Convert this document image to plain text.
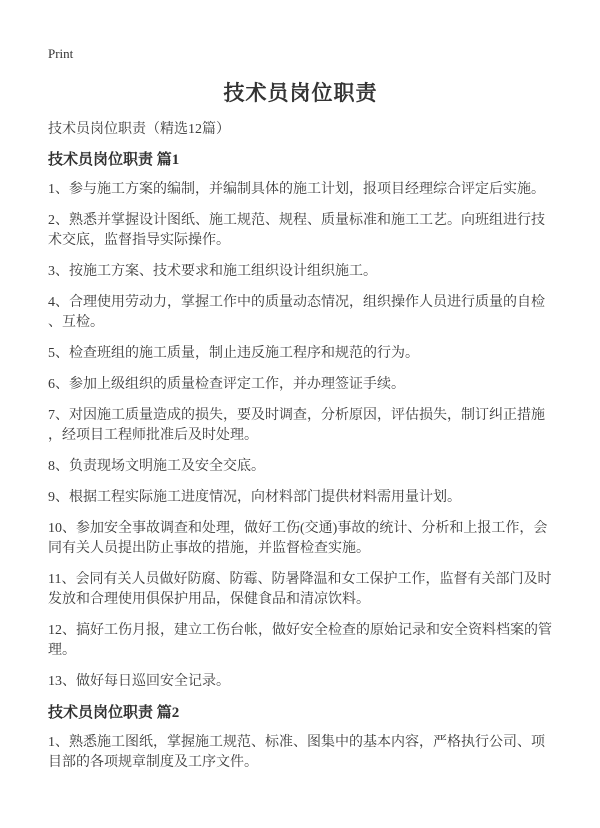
Print

技术员岗位职责

技术员岗位职责（精选12篇）

技术员岗位职责 篇1

1、参与施工方案的编制，并编制具体的施工计划，报项目经理综合评定后实施。

2、熟悉并掌握设计图纸、施工规范、规程、质量标准和施工工艺。向班组进行技术交底，监督指导实际操作。

3、按施工方案、技术要求和施工组织设计组织施工。

4、合理使用劳动力，掌握工作中的质量动态情况，组织操作人员进行质量的自检、互检。

5、检查班组的施工质量，制止违反施工程序和规范的行为。

6、参加上级组织的质量检查评定工作，并办理签证手续。

7、对因施工质量造成的损失，要及时调查，分析原因，评估损失，制订纠正措施，经项目工程师批准后及时处理。

8、负责现场文明施工及安全交底。

9、根据工程实际施工进度情况，向材料部门提供材料需用量计划。

10、参加安全事故调查和处理，做好工伤(交通)事故的统计、分析和上报工作，会同有关人员提出防止事故的措施，并监督检查实施。

11、会同有关人员做好防腐、防霉、防暑降温和女工保护工作，监督有关部门及时发放和合理使用俱保护用品，保健食品和清凉饮料。

12、搞好工伤月报，建立工伤台帐，做好安全检查的原始记录和安全资料档案的管理。

13、做好每日巡回安全记录。

技术员岗位职责 篇2

1、熟悉施工图纸，掌握施工规范、标准、图集中的基本内容，严格执行公司、项目部的各项规章制度及工序文件。
